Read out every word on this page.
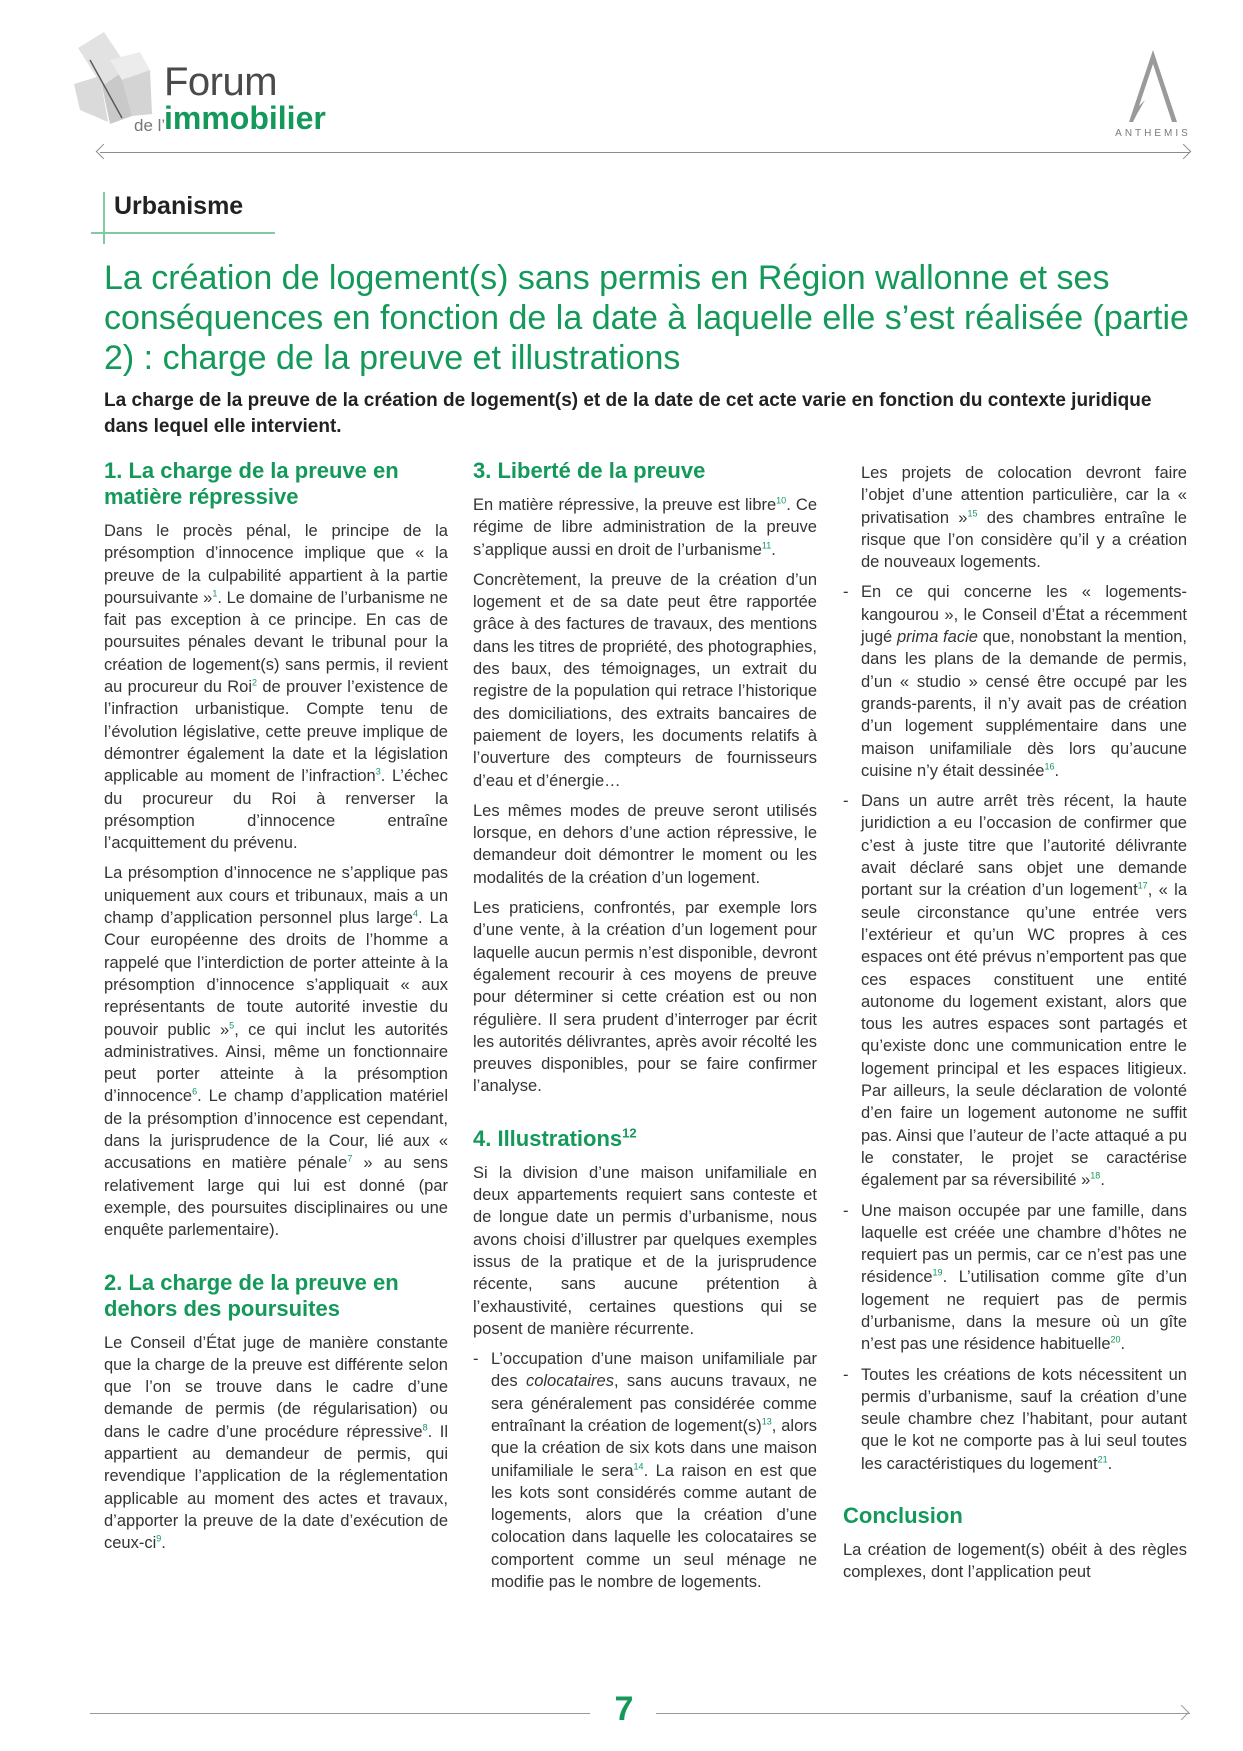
Forum
de l’
immobilier	ANTHEMIS
Urbanisme
La création de logement(s) sans permis en Région wallonne et ses conséquences en fonction de la date à laquelle elle s’est réalisée (partie 2) : charge de la preuve et illustrations
La charge de la preuve de la création de logement(s) et de la date de cet acte varie en fonction du contexte juridique dans lequel elle intervient.
1. La charge de la preuve en matière répressive

Dans le procès pénal, le principe de la présomption d’innocence implique que « la preuve de la culpabilité appartient à la partie poursuivante »$^1$. Le domaine de l’urbanisme ne fait pas exception à ce principe. En cas de poursuites pénales devant le tribunal pour la création de logement(s) sans permis, il revient au procureur du Roi$^2$ de prouver l’existence de l’infraction urbanistique. Compte tenu de l’évolution législative, cette preuve implique de démontrer également la date et la législation applicable au moment de l’infraction$^3$. L’échec du procureur du Roi à renverser la présomption d’innocence entraîne l’acquittement du prévenu.

La présomption d’innocence ne s’applique pas uniquement aux cours et tribunaux, mais a un champ d’application personnel plus large$^4$. La Cour européenne des droits de l’homme a rappelé que l’interdiction de porter atteinte à la présomption d’innocence s’appliquait « aux représentants de toute autorité investie du pouvoir public »$^5$, ce qui inclut les autorités administratives. Ainsi, même un fonctionnaire peut porter atteinte à la présomption d’innocence$^6$. Le champ d’application matériel de la présomption d’innocence est cependant, dans la jurisprudence de la Cour, lié aux « accusations en matière pénale$^7$ » au sens relativement large qui lui est donné (par exemple, des poursuites disciplinaires ou une enquête parlementaire).

2. La charge de la preuve en dehors des poursuites

Le Conseil d’État juge de manière constante que la charge de la preuve est différente selon que l’on se trouve dans le cadre d’une demande de permis (de régularisation) ou dans le cadre d’une procédure répressive$^8$. Il appartient au demandeur de permis, qui revendique l’application de la réglementation applicable au moment des actes et travaux, d’apporter la preuve de la date d’exécution de ceux-$ci^9$.

3. Liberté de la preuve

En matière répressive, la preuve est libre$^{10}$. Ce régime de libre administration de la preuve s’applique aussi en droit de l’urbanisme$^{11}$.

Concrètement, la preuve de la création d’un logement et de sa date peut être rapportée grâce à des factures de travaux, des mentions dans les titres de propriété, des photographies, des baux, des témoignages, un extrait du registre de la population qui retrace l’historique des domiciliations, des extraits bancaires de paiement de loyers, les documents relatifs à l’ouverture des compteurs de fournisseurs d’eau et d’énergie…

Les mêmes modes de preuve seront utilisés lorsque, en dehors d’une action répressive, le demandeur doit démontrer le moment ou les modalités de la création d’un logement.

Les praticiens, confrontés, par exemple lors d’une vente, à la création d’un logement pour laquelle aucun permis n’est disponible, devront également recourir à ces moyens de preuve pour déterminer si cette création est ou non régulière. Il sera prudent d’interroger par écrit les autorités délivrantes, après avoir récolté les preuves disponibles, pour se faire confirmer l’analyse.

4. Illustrations$^{12}$

Si la division d’une maison unifamiliale en deux appartements requiert sans conteste et de longue date un permis d’urbanisme, nous avons choisi d’illustrer par quelques exemples issus de la pratique et de la jurisprudence récente, sans aucune prétention à l’exhaustivité, certaines questions qui se posent de manière récurrente.

- L’occupation d’une maison unifamiliale par des colocataires, sans aucuns travaux, ne sera généralement pas considérée comme entraînant la création de $logement(s)^{13}$, alors que la création de six kots dans une maison unifamiliale le sera$^{14}$. La raison en est que les kots sont considérés comme autant de logements, alors que la création d’une colocation dans laquelle les colocataires se comportent comme un seul ménage ne modifie pas le nombre de logements.

Les projets de colocation devront faire l’objet d’une attention particulière, car la « privatisation »$^{15}$ des chambres entraîne le risque que l’on considère qu’il y a création de nouveaux logements.

- En ce qui concerne les « logements-kangourou », le Conseil d’État a récemment jugé prima facie que, nonobstant la mention, dans les plans de la demande de permis, d’un « studio » censé être occupé par les grands-parents, il n’y avait pas de création d’un logement supplémentaire dans une maison unifamiliale dès lors qu’aucune cuisine n’y était dessinée$^{16}$.
- Dans un autre arrêt très récent, la haute juridiction a eu l’occasion de confirmer que c’est à juste titre que l’autorité délivrante avait déclaré sans objet une demande portant sur la création d’un logement$^{17}$, « la seule circonstance qu’une entrée vers l’extérieur et qu’un WC propres à ces espaces ont été prévus n’emportent pas que ces espaces constituent une entité autonome du logement existant, alors que tous les autres espaces sont partagés et qu’existe donc une communication entre le logement principal et les espaces litigieux. Par ailleurs, la seule déclaration de volonté d’en faire un logement autonome ne suffit pas. Ainsi que l’auteur de l’acte attaqué a pu le constater, le projet se caractérise également par sa réversibilité »$^{18}$.
- Une maison occupée par une famille, dans laquelle est créée une chambre d’hôtes ne requiert pas un permis, car ce n’est pas une résidence$^{19}$. L’utilisation comme gîte d’un logement ne requiert pas de permis d’urbanisme, dans la mesure où un gîte n’est pas une résidence habituelle$^{20}$.
- Toutes les créations de kots nécessitent un permis d’urbanisme, sauf la création d’une seule chambre chez l’habitant, pour autant que le kot ne comporte pas à lui seul toutes les caractéristiques du logement$^{21}$.
Conclusion

La création de logement(s) obéit à des règles complexes, dont l’application peut

7
